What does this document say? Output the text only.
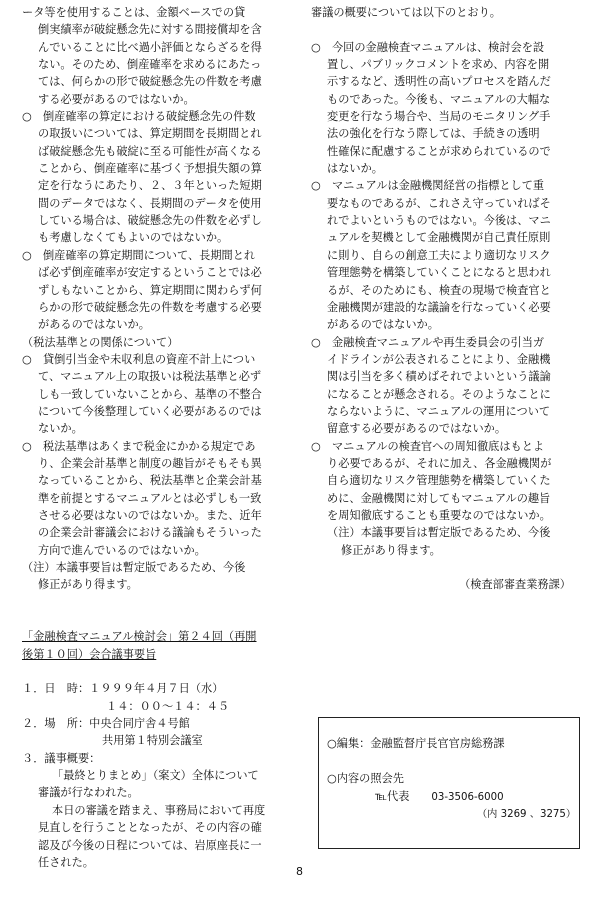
ータ等を使用することは、金額ベースでの貸
倒実績率が破綻懸念先に対する間接償却を含
んでいることに比べ過小評価とならざるを得
ない。そのため、倒産確率を求めるにあたっ
ては、何らかの形で破綻懸念先の件数を考慮
する必要があるのではないか。
○　倒産確率の算定における破綻懸念先の件数
の取扱いについては、算定期間を長期間とれ
ば破綻懸念先も破綻に至る可能性が高くなる
ことから、倒産確率に基づく予想損失額の算
定を行なうにあたり、２、３年といった短期
間のデータではなく、長期間のデータを使用
している場合は、破綻懸念先の件数を必ずし
も考慮しなくてもよいのではないか。
○　倒産確率の算定期間について、長期間とれ
ば必ず倒産確率が安定するということでは必
ずしもないことから、算定期間に関わらず何
らかの形で破綻懸念先の件数を考慮する必要
があるのではないか。
（税法基準との関係について）
○　貸倒引当金や未収利息の資産不計上につい
て、マニュアル上の取扱いは税法基準と必ず
しも一致していないことから、基準の不整合
について今後整理していく必要があるのでは
ないか。
○　税法基準はあくまで税金にかかる規定であ
り、企業会計基準と制度の趣旨がそもそも異
なっていることから、税法基準と企業会計基
準を前提とするマニュアルとは必ずしも一致
させる必要はないのではないか。また、近年
の企業会計審議会における議論もそういった
方向で進んでいるのではないか。
（注）本議事要旨は暫定版であるため、今後
修正があり得ます。
「金融検査マニュアル検討会」第２４回（再開
後第１０回）会合議事要旨
１．日　時：１９９９年４月７日（水）
１４：００～１４：４５
２．場　所：中央合同庁舎４号館
共用第１特別会議室
３．議事概要：
「最終とりまとめ」（案文）全体について
審議が行なわれた。
本日の審議を踏まえ、事務局において再度
見直しを行うこととなったが、その内容の確
認及び今後の日程については、岩原座長に一
任された。
審議の概要については以下のとおり。
○　今回の金融検査マニュアルは、検討会を設
置し、パブリックコメントを求め、内容を開
示するなど、透明性の高いプロセスを踏んだ
ものであった。今後も、マニュアルの大幅な
変更を行なう場合や、当局のモニタリング手
法の強化を行なう際しては、手続きの透明
性確保に配慮することが求められているので
はないか。
○　マニュアルは金融機関経営の指標として重
要なものであるが、これさえ守っていればそ
れでよいというものではない。今後は、マニ
ュアルを契機として金融機関が自己責任原則
に則り、自らの創意工夫により適切なリスク
管理態勢を構築していくことになると思われ
るが、そのためにも、検査の現場で検査官と
金融機関が建設的な議論を行なっていく必要
があるのではないか。
○　金融検査マニュアルや再生委員会の引当ガ
イドラインが公表されることにより、金融機
関は引当を多く積めばそれでよいという議論
になることが懸念される。そのようなことに
ならないように、マニュアルの運用について
留意する必要があるのではないか。
○　マニュアルの検査官への周知徹底はもとよ
り必要であるが、それに加え、各金融機関が
自ら適切なリスク管理態勢を構築していくた
めに、金融機関に対してもマニュアルの趣旨
を周知徹底することも重要なのではないか。
（注）本議事要旨は暫定版であるため、今後
修正があり得ます。
（検査部審査業務課）
○編集：金融監督庁長官官房総務課
○内容の照会先
℡代表 03-3506-6000
（内 3269 、3275）
8
